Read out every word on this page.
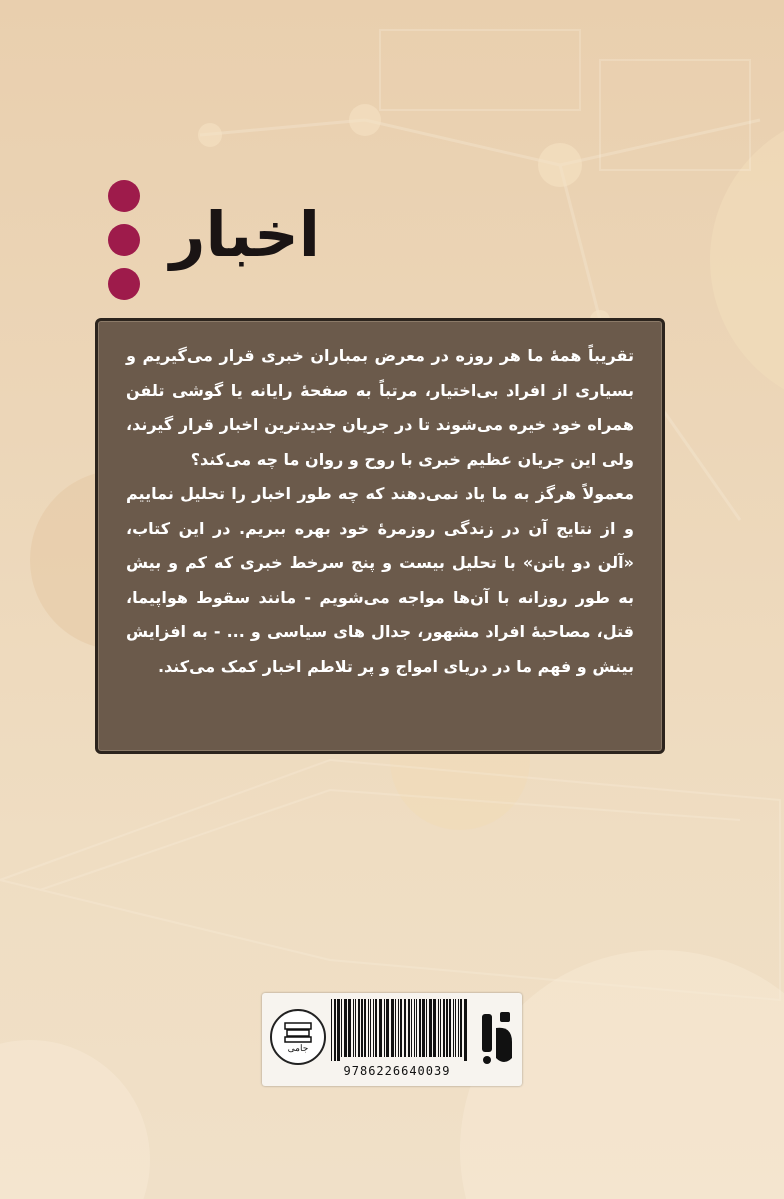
اخبار

تقریباً همهٔ ما هر روزه در معرض بمباران خبری قرار می‌گیریم و بسیاری از افراد بی‌اختیار، مرتباً به صفحهٔ رایانه یا گوشی تلفن همراه خود خیره می‌شوند تا در جریان جدیدترین اخبار قرار گیرند، ولی این جریان عظیم خبری با روح و روان ما چه می‌کند؟

معمولاً هرگز به ما یاد نمی‌دهند که چه طور اخبار را تحلیل نماییم و از نتایج آن در زندگی روزمرهٔ خود بهره ببریم. در این کتاب، «آلن دو باتن» با تحلیل بیست و پنج سرخط خبری که کم و بیش به طور روزانه با آن‌ها مواجه می‌شویم - مانند سقوط هواپیما، قتل، مصاحبهٔ افراد مشهور، جدال‌ های سیاسی و ... - به افزایش بینش و فهم ما در دریای امواج و پر تلاطم اخبار کمک می‌کند.

جامی
9786226640039
